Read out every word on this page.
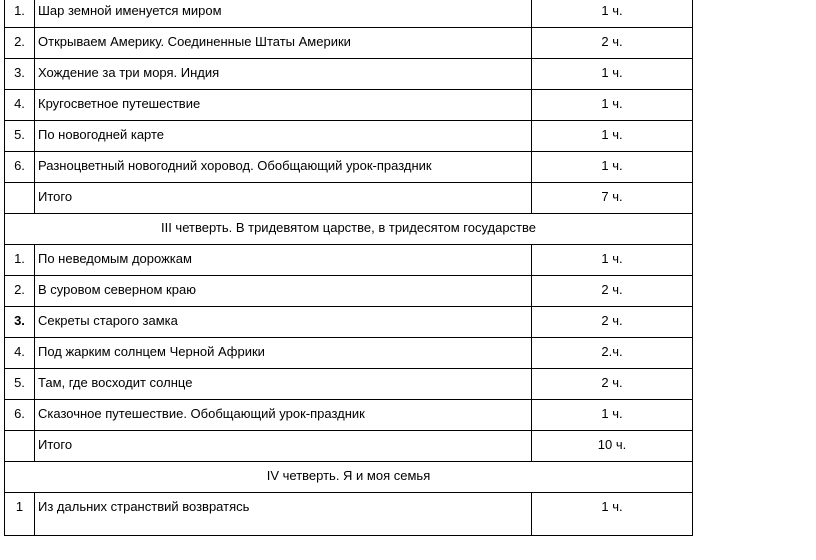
1.	Шар земной именуется миром	1 ч.
2.	Открываем Америку. Соединенные Штаты Америки	2 ч.
3.	Хождение за три моря. Индия	1 ч.
4.	Кругосветное путешествие	1 ч.
5.	По новогодней карте	1 ч.
6.	Разноцветный новогодний хоровод. Обобщающий урок-праздник	1 ч.
	Итого	7 ч.
III четверть. В тридевятом царстве, в тридесятом государстве		
1.	По неведомым дорожкам	1 ч.
2.	В суровом северном краю	2 ч.
3.	Секреты старого замка	2 ч.
4.	Под жарким солнцем Черной Африки	2.ч.
5.	Там, где восходит солнце	2 ч.
6.	Сказочное путешествие. Обобщающий урок-праздник	1 ч.
	Итого	10 ч.
IV четверть. Я и моя семья		
1	Из дальних странствий возвратясь	1 ч.
